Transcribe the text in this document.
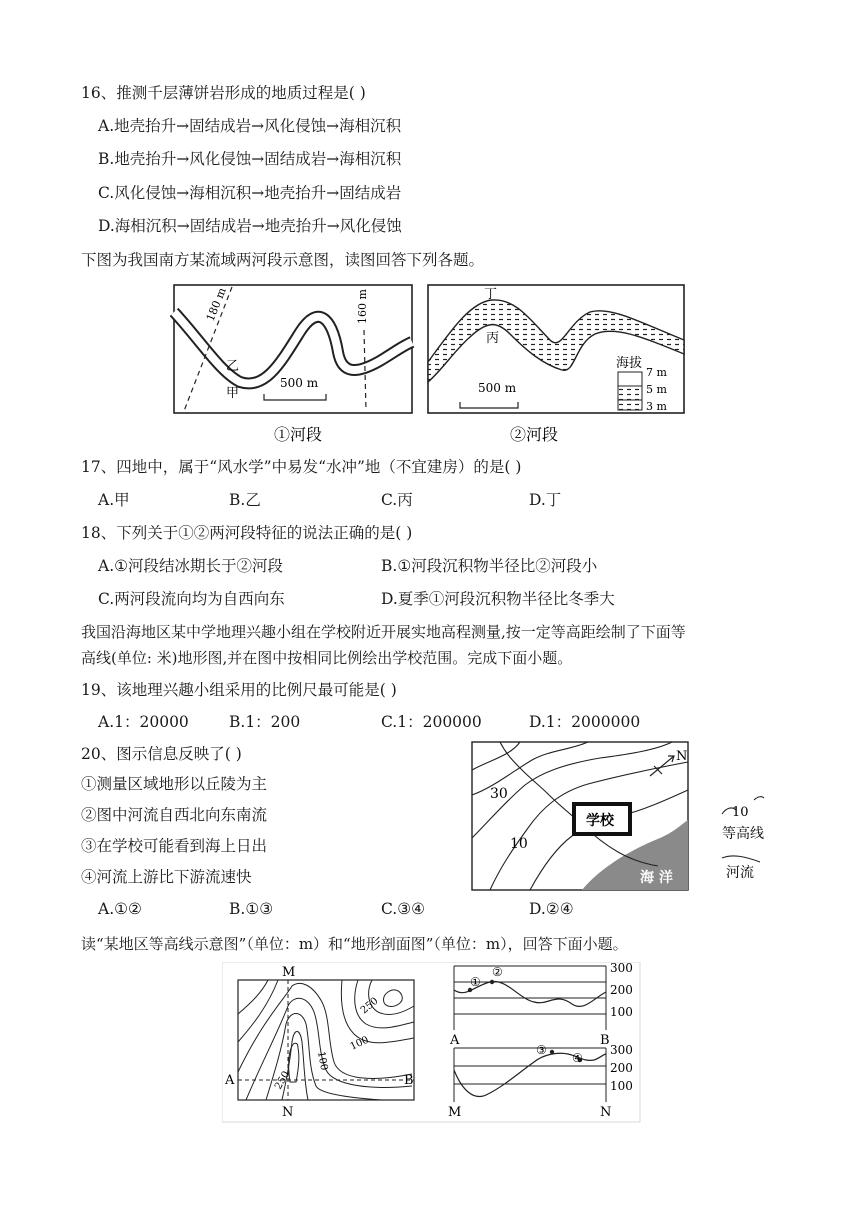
16、推测千层薄饼岩形成的地质过程是( )
A.地壳抬升→固结成岩→风化侵蚀→海相沉积
B.地壳抬升→风化侵蚀→固结成岩→海相沉积
C.风化侵蚀→海相沉积→地壳抬升→固结成岩
D.海相沉积→固结成岩→地壳抬升→风化侵蚀
下图为我国南方某流域两河段示意图，读图回答下列各题。
180 m	160 m
乙
甲
500 m
①河段
丁
丙
500 m
海拔
7 m
5 m
3 m
②河段
17、四地中，属于“风水学”中易发“水冲”地（不宜建房）的是( )
A.甲	B.乙	C.丙	D.丁
18、下列关于①②两河段特征的说法正确的是( )
A.①河段结冰期长于②河段	B.①河段沉积物半径比②河段小
C.两河段流向均为自西向东	D.夏季①河段沉积物半径比冬季大
我国沿海地区某中学地理兴趣小组在学校附近开展实地高程测量,按一定等高距绘制了下面等
高线(单位: 米)地形图,并在图中按相同比例绘出学校范围。完成下面小题。
19、该地理兴趣小组采用的比例尺最可能是( )
A.1：20000	B.1：200	C.1：200000	D.1：2000000
20、图示信息反映了( )
①测量区域地形以丘陵为主
②图中河流自西北向东南流
③在学校可能看到海上日出
④河流上游比下游流速快
A.①②	B.①③	C.③④	D.②④
30
10
学校
海 洋
N
10
等高线
河流
读“某地区等高线示意图”（单位：m）和“地形剖面图”（单位：m），回答下面小题。
M
N
A	B
250
100
100
250
①
②	300
200
100
A	B
③
④
300
200
100
M	N
